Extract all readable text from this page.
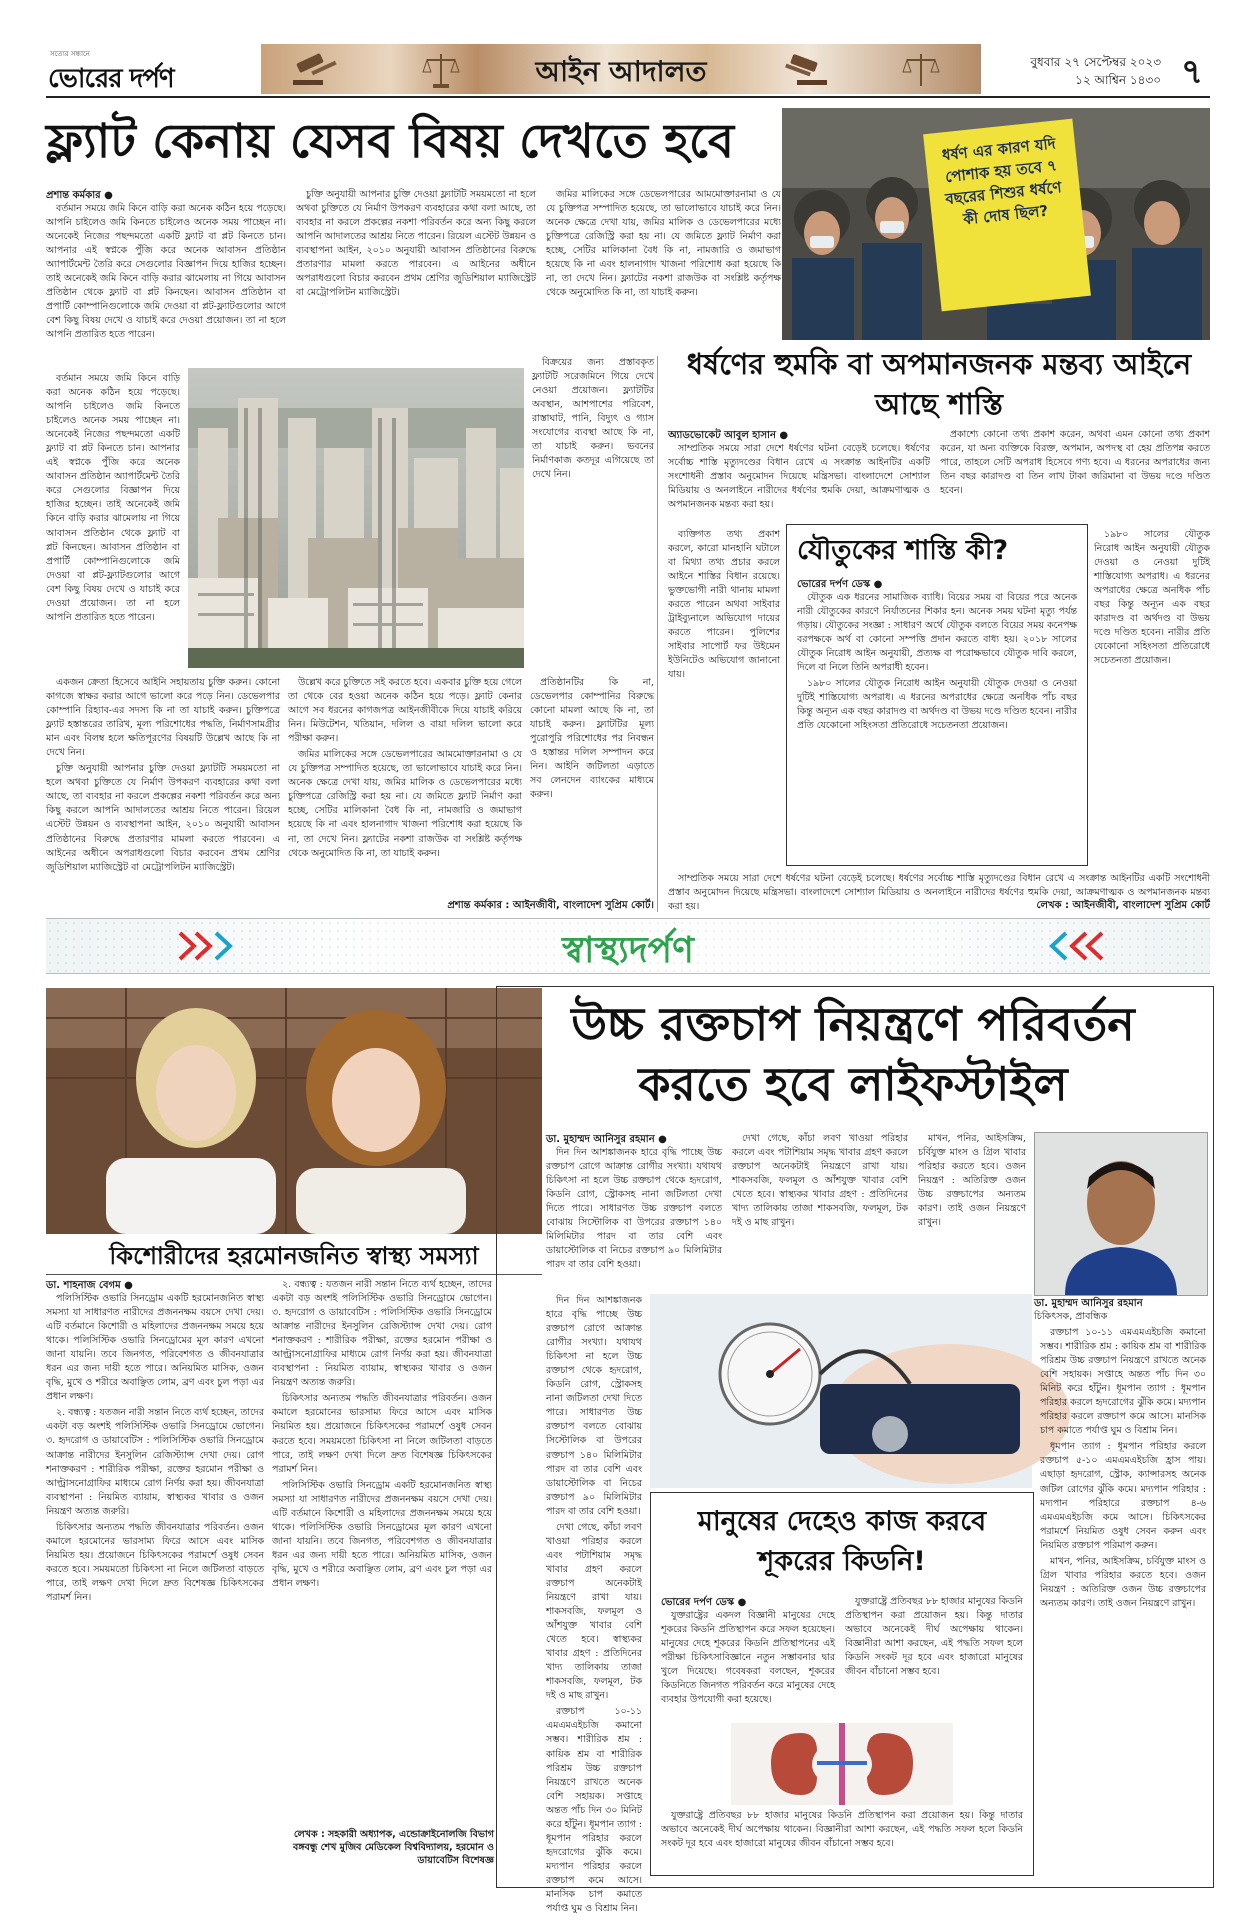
সত্যের সন্ধানে
ভোরের দর্পণ	আইন আদালত	বুধবার ২৭ সেপ্টেম্বর ২০২৩
১২ আশ্বিন ১৪৩০ ৭
ফ্ল্যাট কেনায় যেসব বিষয় দেখতে হবে
প্রশান্ত কর্মকার ●

বর্তমান সময়ে জমি কিনে বাড়ি করা অনেক কঠিন হয়ে পড়েছে। আপনি চাইলেও জমি কিনতে চাইলেও অনেক সময় পাচ্ছেন না। অনেকেই নিজের পছন্দমতো একটি ফ্ল্যাট বা প্লট কিনতে চান। আপনার এই স্বপ্নকে পুঁজি করে অনেক আবাসন প্রতিষ্ঠান অ্যাপার্টমেন্ট তৈরি করে সেগুলোর বিজ্ঞাপন দিয়ে হাজির হচ্ছেন। তাই অনেকেই জমি কিনে বাড়ি করার ঝামেলায় না গিয়ে আবাসন প্রতিষ্ঠান থেকে ফ্ল্যাট বা প্লট কিনছেন। আবাসন প্রতিষ্ঠান বা প্রপার্টি কোম্পানিগুলোকে জমি দেওয়া বা প্লট-ফ্ল্যাটগুলোর আগে বেশ কিছু বিষয় দেখে ও যাচাই করে দেওয়া প্রয়োজন। তা না হলে আপনি প্রতারিত হতে পারেন।

চুক্তি অনুযায়ী আপনার চুক্তি দেওয়া ফ্ল্যাটটি সময়মতো না হলে অথবা চুক্তিতে যে নির্মাণ উপকরণ ব্যবহারের কথা বলা আছে, তা ব্যবহার না করলে প্রকল্পের নকশা পরিবর্তন করে অন্য কিছু করলে আপনি আদালতের আশ্রয় নিতে পারেন। রিয়েল এস্টেট উন্নয়ন ও ব্যবস্থাপনা আইন, ২০১০ অনুযায়ী আবাসন প্রতিষ্ঠানের বিরুদ্ধে প্রতারণার মামলা করতে পারবেন। এ আইনের অধীনে অপরাধগুলো বিচার করবেন প্রথম শ্রেণির জুডিশিয়াল ম্যাজিস্ট্রেট বা মেট্রোপলিটন ম্যাজিস্ট্রেট।

জমির মালিকের সঙ্গে ডেভেলপারের আমমোক্তারনামা ও যে যে চুক্তিপত্র সম্পাদিত হয়েছে, তা ভালোভাবে যাচাই করে নিন। অনেক ক্ষেত্রে দেখা যায়, জমির মালিক ও ডেভেলপারের মধ্যে চুক্তিপত্রে রেজিস্ট্রি করা হয় না। যে জমিতে ফ্ল্যাট নির্মাণ করা হচ্ছে, সেটির মালিকানা বৈধ কি না, নামজারি ও জমাভাগ হয়েছে কি না এবং হালনাগাদ খাজনা পরিশোধ করা হয়েছে কি না, তা দেখে নিন। ফ্ল্যাটের নকশা রাজউক বা সংশ্লিষ্ট কর্তৃপক্ষ থেকে অনুমোদিত কি না, তা যাচাই করুন।

বর্তমান সময়ে জমি কিনে বাড়ি করা অনেক কঠিন হয়ে পড়েছে। আপনি চাইলেও জমি কিনতে চাইলেও অনেক সময় পাচ্ছেন না। অনেকেই নিজের পছন্দমতো একটি ফ্ল্যাট বা প্লট কিনতে চান। আপনার এই স্বপ্নকে পুঁজি করে অনেক আবাসন প্রতিষ্ঠান অ্যাপার্টমেন্ট তৈরি করে সেগুলোর বিজ্ঞাপন দিয়ে হাজির হচ্ছেন। তাই অনেকেই জমি কিনে বাড়ি করার ঝামেলায় না গিয়ে আবাসন প্রতিষ্ঠান থেকে ফ্ল্যাট বা প্লট কিনছেন। আবাসন প্রতিষ্ঠান বা প্রপার্টি কোম্পানিগুলোকে জমি দেওয়া বা প্লট-ফ্ল্যাটগুলোর আগে বেশ কিছু বিষয় দেখে ও যাচাই করে দেওয়া প্রয়োজন। তা না হলে আপনি প্রতারিত হতে পারেন।

বিক্রয়ের জন্য প্রস্তাবকৃত ফ্ল্যাটটি সরেজমিনে গিয়ে দেখে নেওয়া প্রয়োজন। ফ্ল্যাটটির অবস্থান, আশপাশের পরিবেশ, রাস্তাঘাট, পানি, বিদ্যুৎ ও গ্যাস সংযোগের ব্যবস্থা আছে কি না, তা যাচাই করুন। ভবনের নির্মাণকাজ কতদূর এগিয়েছে তা দেখে নিন।

একজন ক্রেতা হিসেবে আইনি সহায়তায় চুক্তি করুন। কোনো কাগজে স্বাক্ষর করার আগে ভালো করে পড়ে নিন। ডেভেলপার কোম্পানি রিহ্যাব-এর সদস্য কি না তা যাচাই করুন। চুক্তিপত্রে ফ্ল্যাট হস্তান্তরের তারিখ, মূল্য পরিশোধের পদ্ধতি, নির্মাণসামগ্রীর মান এবং বিলম্ব হলে ক্ষতিপূরণের বিষয়টি উল্লেখ আছে কি না দেখে নিন।

চুক্তি অনুযায়ী আপনার চুক্তি দেওয়া ফ্ল্যাটটি সময়মতো না হলে অথবা চুক্তিতে যে নির্মাণ উপকরণ ব্যবহারের কথা বলা আছে, তা ব্যবহার না করলে প্রকল্পের নকশা পরিবর্তন করে অন্য কিছু করলে আপনি আদালতের আশ্রয় নিতে পারেন। রিয়েল এস্টেট উন্নয়ন ও ব্যবস্থাপনা আইন, ২০১০ অনুযায়ী আবাসন প্রতিষ্ঠানের বিরুদ্ধে প্রতারণার মামলা করতে পারবেন। এ আইনের অধীনে অপরাধগুলো বিচার করবেন প্রথম শ্রেণির জুডিশিয়াল ম্যাজিস্ট্রেট বা মেট্রোপলিটন ম্যাজিস্ট্রেট।

উল্লেখ করে চুক্তিতে সই করতে হবে। একবার চুক্তি হয়ে গেলে তা থেকে বের হওয়া অনেক কঠিন হয়ে পড়ে। ফ্ল্যাট কেনার আগে সব ধরনের কাগজপত্র আইনজীবীকে দিয়ে যাচাই করিয়ে নিন। মিউটেশন, খতিয়ান, দলিল ও বায়া দলিল ভালো করে পরীক্ষা করুন।

জমির মালিকের সঙ্গে ডেভেলপারের আমমোক্তারনামা ও যে যে চুক্তিপত্র সম্পাদিত হয়েছে, তা ভালোভাবে যাচাই করে নিন। অনেক ক্ষেত্রে দেখা যায়, জমির মালিক ও ডেভেলপারের মধ্যে চুক্তিপত্রে রেজিস্ট্রি করা হয় না। যে জমিতে ফ্ল্যাট নির্মাণ করা হচ্ছে, সেটির মালিকানা বৈধ কি না, নামজারি ও জমাভাগ হয়েছে কি না এবং হালনাগাদ খাজনা পরিশোধ করা হয়েছে কি না, তা দেখে নিন। ফ্ল্যাটের নকশা রাজউক বা সংশ্লিষ্ট কর্তৃপক্ষ থেকে অনুমোদিত কি না, তা যাচাই করুন।

প্রতিষ্ঠানটির কি না, ডেভেলপার কোম্পানির বিরুদ্ধে কোনো মামলা আছে কি না, তা যাচাই করুন। ফ্ল্যাটটির মূল্য পুরোপুরি পরিশোধের পর নিবন্ধন ও হস্তান্তর দলিল সম্পাদন করে নিন। আইনি জটিলতা এড়াতে সব লেনদেন ব্যাংকের মাধ্যমে করুন।

প্রশান্ত কর্মকার : আইনজীবী, বাংলাদেশ সুপ্রিম কোর্ট।
ধর্ষণ এর কারণ যদি পোশাক হয় তবে ৭ বছরের শিশুর ধর্ষণে কী দোষ ছিল?
ধর্ষণের হুমকি বা অপমানজনক মন্তব্য আইনে আছে শাস্তি
অ্যাডভোকেট আবুল হাসান ●

সাম্প্রতিক সময়ে সারা দেশে ধর্ষণের ঘটনা বেড়েই চলেছে। ধর্ষণের সর্বোচ্চ শাস্তি মৃত্যুদণ্ডের বিধান রেখে এ সংক্রান্ত আইনটির একটি সংশোধনী প্রস্তাব অনুমোদন দিয়েছে মন্ত্রিসভা। বাংলাদেশে সোশ্যাল মিডিয়ায় ও অনলাইনে নারীদের ধর্ষণের হুমকি দেয়া, আক্রমণাত্মক ও অপমানজনক মন্তব্য করা হয়।

প্রকাশ্যে কোনো তথ্য প্রকাশ করেন, অথবা এমন কোনো তথ্য প্রকাশ করেন, যা অন্য ব্যক্তিকে বিরক্ত, অপমান, অপদস্থ বা হেয় প্রতিপন্ন করতে পারে, তাহলে সেটি অপরাধ হিসেবে গণ্য হবে। এ ধরনের অপরাধের জন্য তিন বছর কারাদণ্ড বা তিন লাখ টাকা জরিমানা বা উভয় দণ্ডে দণ্ডিত হবেন।

ব্যক্তিগত তথ্য প্রকাশ করলে, কারো মানহানি ঘটালে বা মিথ্যা তথ্য প্রচার করলে আইনে শাস্তির বিধান রয়েছে। ভুক্তভোগী নারী থানায় মামলা করতে পারেন অথবা সাইবার ট্রাইব্যুনালে অভিযোগ দায়ের করতে পারেন। পুলিশের সাইবার সাপোর্ট ফর উইমেন ইউনিটেও অভিযোগ জানানো যায়।

১৯৮০ সালের যৌতুক নিরোধ আইন অনুযায়ী যৌতুক দেওয়া ও নেওয়া দুটিই শাস্তিযোগ্য অপরাধ। এ ধরনের অপরাধের ক্ষেত্রে অনধিক পাঁচ বছর কিন্তু অন্যূন এক বছর কারাদণ্ড বা অর্থদণ্ড বা উভয় দণ্ডে দণ্ডিত হবেন। নারীর প্রতি যেকোনো সহিংসতা প্রতিরোধে সচেতনতা প্রয়োজন।

যৌতুকের শাস্তি কী?
ভোরের দর্পণ ডেস্ক ●

যৌতুক এক ধরনের সামাজিক ব্যাধি। বিয়ের সময় বা বিয়ের পরে অনেক নারী যৌতুকের কারণে নির্যাতনের শিকার হন। অনেক সময় ঘটনা মৃত্যু পর্যন্ত গড়ায়। যৌতুকের সংজ্ঞা : সাধারণ অর্থে যৌতুক বলতে বিয়ের সময় কনেপক্ষ বরপক্ষকে অর্থ বা কোনো সম্পত্তি প্রদান করতে বাধ্য হয়। ২০১৮ সালের যৌতুক নিরোধ আইন অনুযায়ী, প্রত্যক্ষ বা পরোক্ষভাবে যৌতুক দাবি করলে, দিলে বা নিলে তিনি অপরাধী হবেন।

১৯৮০ সালের যৌতুক নিরোধ আইন অনুযায়ী যৌতুক দেওয়া ও নেওয়া দুটিই শাস্তিযোগ্য অপরাধ। এ ধরনের অপরাধের ক্ষেত্রে অনধিক পাঁচ বছর কিন্তু অন্যূন এক বছর কারাদণ্ড বা অর্থদণ্ড বা উভয় দণ্ডে দণ্ডিত হবেন। নারীর প্রতি যেকোনো সহিংসতা প্রতিরোধে সচেতনতা প্রয়োজন।

সাম্প্রতিক সময়ে সারা দেশে ধর্ষণের ঘটনা বেড়েই চলেছে। ধর্ষণের সর্বোচ্চ শাস্তি মৃত্যুদণ্ডের বিধান রেখে এ সংক্রান্ত আইনটির একটি সংশোধনী প্রস্তাব অনুমোদন দিয়েছে মন্ত্রিসভা। বাংলাদেশে সোশ্যাল মিডিয়ায় ও অনলাইনে নারীদের ধর্ষণের হুমকি দেয়া, আক্রমণাত্মক ও অপমানজনক মন্তব্য করা হয়।	লেখক : আইনজীবী, বাংলাদেশ সুপ্রিম কোর্ট
স্বাস্থ্যদর্পণ
কিশোরীদের হরমোনজনিত স্বাস্থ্য সমস্যা
ডা. শাহনাজ বেগম ●

পলিসিস্টিক ওভারি সিনড্রোম একটি হরমোনজনিত স্বাস্থ্য সমস্যা যা সাধারণত নারীদের প্রজননক্ষম বয়সে দেখা দেয়। এটি বর্তমানে কিশোরী ও মহিলাদের প্রজননক্ষম সময়ে হয়ে থাকে। পলিসিস্টিক ওভারি সিনড্রোমের মূল কারণ এখনো জানা যায়নি। তবে জিনগত, পরিবেশগত ও জীবনযাত্রার ধরন এর জন্য দায়ী হতে পারে। অনিয়মিত মাসিক, ওজন বৃদ্ধি, মুখে ও শরীরে অবাঞ্ছিত লোম, ব্রণ এবং চুল পড়া এর প্রধান লক্ষণ।

২. বন্ধ্যত্ব : যতজন নারী সন্তান নিতে ব্যর্থ হচ্ছেন, তাদের একটা বড় অংশই পলিসিস্টিক ওভারি সিনড্রোমে ভোগেন। ৩. হৃদরোগ ও ডায়াবেটিস : পলিসিস্টিক ওভারি সিনড্রোমে আক্রান্ত নারীদের ইনসুলিন রেজিস্ট্যান্স দেখা দেয়। রোগ শনাক্তকরণ : শারীরিক পরীক্ষা, রক্তের হরমোন পরীক্ষা ও আল্ট্রাসনোগ্রাফির মাধ্যমে রোগ নির্ণয় করা হয়। জীবনযাত্রা ব্যবস্থাপনা : নিয়মিত ব্যায়াম, স্বাস্থ্যকর খাবার ও ওজন নিয়ন্ত্রণ অত্যন্ত জরুরি।

চিকিৎসার অন্যতম পদ্ধতি জীবনযাত্রার পরিবর্তন। ওজন কমালে হরমোনের ভারসাম্য ফিরে আসে এবং মাসিক নিয়মিত হয়। প্রয়োজনে চিকিৎসকের পরামর্শে ওষুধ সেবন করতে হবে। সময়মতো চিকিৎসা না নিলে জটিলতা বাড়তে পারে, তাই লক্ষণ দেখা দিলে দ্রুত বিশেষজ্ঞ চিকিৎসকের পরামর্শ নিন।

২. বন্ধ্যত্ব : যতজন নারী সন্তান নিতে ব্যর্থ হচ্ছেন, তাদের একটা বড় অংশই পলিসিস্টিক ওভারি সিনড্রোমে ভোগেন। ৩. হৃদরোগ ও ডায়াবেটিস : পলিসিস্টিক ওভারি সিনড্রোমে আক্রান্ত নারীদের ইনসুলিন রেজিস্ট্যান্স দেখা দেয়। রোগ শনাক্তকরণ : শারীরিক পরীক্ষা, রক্তের হরমোন পরীক্ষা ও আল্ট্রাসনোগ্রাফির মাধ্যমে রোগ নির্ণয় করা হয়। জীবনযাত্রা ব্যবস্থাপনা : নিয়মিত ব্যায়াম, স্বাস্থ্যকর খাবার ও ওজন নিয়ন্ত্রণ অত্যন্ত জরুরি।

চিকিৎসার অন্যতম পদ্ধতি জীবনযাত্রার পরিবর্তন। ওজন কমালে হরমোনের ভারসাম্য ফিরে আসে এবং মাসিক নিয়মিত হয়। প্রয়োজনে চিকিৎসকের পরামর্শে ওষুধ সেবন করতে হবে। সময়মতো চিকিৎসা না নিলে জটিলতা বাড়তে পারে, তাই লক্ষণ দেখা দিলে দ্রুত বিশেষজ্ঞ চিকিৎসকের পরামর্শ নিন।

পলিসিস্টিক ওভারি সিনড্রোম একটি হরমোনজনিত স্বাস্থ্য সমস্যা যা সাধারণত নারীদের প্রজননক্ষম বয়সে দেখা দেয়। এটি বর্তমানে কিশোরী ও মহিলাদের প্রজননক্ষম সময়ে হয়ে থাকে। পলিসিস্টিক ওভারি সিনড্রোমের মূল কারণ এখনো জানা যায়নি। তবে জিনগত, পরিবেশগত ও জীবনযাত্রার ধরন এর জন্য দায়ী হতে পারে। অনিয়মিত মাসিক, ওজন বৃদ্ধি, মুখে ও শরীরে অবাঞ্ছিত লোম, ব্রণ এবং চুল পড়া এর প্রধান লক্ষণ।

লেখক : সহকারী অধ্যাপক, এন্ডোক্রাইনোলজি বিভাগ বঙ্গবন্ধু শেখ মুজিব মেডিকেল বিশ্ববিদ্যালয়, হরমোন ও ডায়াবেটিস বিশেষজ্ঞ
উচ্চ রক্তচাপ নিয়ন্ত্রণে পরিবর্তন
করতে হবে লাইফস্টাইল
ডা. মুহাম্মদ আনিসুর রহমান ●

দিন দিন আশঙ্কাজনক হারে বৃদ্ধি পাচ্ছে উচ্চ রক্তচাপ রোগে আক্রান্ত রোগীর সংখ্যা। যথাযথ চিকিৎসা না হলে উচ্চ রক্তচাপ থেকে হৃদরোগ, কিডনি রোগ, স্ট্রোকসহ নানা জটিলতা দেখা দিতে পারে। সাধারণত উচ্চ রক্তচাপ বলতে বোঝায় সিস্টোলিক বা উপরের রক্তচাপ ১৪০ মিলিমিটার পারদ বা তার বেশি এবং ডায়াস্টোলিক বা নিচের রক্তচাপ ৯০ মিলিমিটার পারদ বা তার বেশি হওয়া।

দেখা গেছে, কাঁচা লবণ খাওয়া পরিহার করলে এবং পটাশিয়াম সমৃদ্ধ খাবার গ্রহণ করলে রক্তচাপ অনেকটাই নিয়ন্ত্রণে রাখা যায়। শাকসবজি, ফলমূল ও আঁশযুক্ত খাবার বেশি খেতে হবে। স্বাস্থ্যকর খাবার গ্রহণ : প্রতিদিনের খাদ্য তালিকায় তাজা শাকসবজি, ফলমূল, টক দই ও মাছ রাখুন।

মাখন, পনির, আইসক্রিম, চর্বিযুক্ত মাংস ও গ্রিল খাবার পরিহার করতে হবে। ওজন নিয়ন্ত্রণ : অতিরিক্ত ওজন উচ্চ রক্তচাপের অন্যতম কারণ। তাই ওজন নিয়ন্ত্রণে রাখুন।

ডা. মুহাম্মদ আনিসুর রহমান
চিকিৎসক, প্রাবন্ধিক

দিন দিন আশঙ্কাজনক হারে বৃদ্ধি পাচ্ছে উচ্চ রক্তচাপ রোগে আক্রান্ত রোগীর সংখ্যা। যথাযথ চিকিৎসা না হলে উচ্চ রক্তচাপ থেকে হৃদরোগ, কিডনি রোগ, স্ট্রোকসহ নানা জটিলতা দেখা দিতে পারে। সাধারণত উচ্চ রক্তচাপ বলতে বোঝায় সিস্টোলিক বা উপরের রক্তচাপ ১৪০ মিলিমিটার পারদ বা তার বেশি এবং ডায়াস্টোলিক বা নিচের রক্তচাপ ৯০ মিলিমিটার পারদ বা তার বেশি হওয়া।

দেখা গেছে, কাঁচা লবণ খাওয়া পরিহার করলে এবং পটাশিয়াম সমৃদ্ধ খাবার গ্রহণ করলে রক্তচাপ অনেকটাই নিয়ন্ত্রণে রাখা যায়। শাকসবজি, ফলমূল ও আঁশযুক্ত খাবার বেশি খেতে হবে। স্বাস্থ্যকর খাবার গ্রহণ : প্রতিদিনের খাদ্য তালিকায় তাজা শাকসবজি, ফলমূল, টক দই ও মাছ রাখুন।

রক্তচাপ ১০-১১ এমএমএইচজি কমানো সম্ভব। শারীরিক শ্রম : কায়িক শ্রম বা শারীরিক পরিশ্রম উচ্চ রক্তচাপ নিয়ন্ত্রণে রাখতে অনেক বেশি সহায়ক। সপ্তাহে অন্তত পাঁচ দিন ৩০ মিনিট করে হাঁটুন। ধূমপান ত্যাগ : ধূমপান পরিহার করলে হৃদরোগের ঝুঁকি কমে। মদ্যপান পরিহার করলে রক্তচাপ কমে আসে। মানসিক চাপ কমাতে পর্যাপ্ত ঘুম ও বিশ্রাম নিন।

রক্তচাপ ১০-১১ এমএমএইচজি কমানো সম্ভব। শারীরিক শ্রম : কায়িক শ্রম বা শারীরিক পরিশ্রম উচ্চ রক্তচাপ নিয়ন্ত্রণে রাখতে অনেক বেশি সহায়ক। সপ্তাহে অন্তত পাঁচ দিন ৩০ মিনিট করে হাঁটুন। ধূমপান ত্যাগ : ধূমপান পরিহার করলে হৃদরোগের ঝুঁকি কমে। মদ্যপান পরিহার করলে রক্তচাপ কমে আসে। মানসিক চাপ কমাতে পর্যাপ্ত ঘুম ও বিশ্রাম নিন।

ধূমপান ত্যাগ : ধূমপান পরিহার করলে রক্তচাপ ৫-১০ এমএমএইচজি হ্রাস পায়। এছাড়া হৃদরোগ, স্ট্রোক, ক্যান্সারসহ অনেক জটিল রোগের ঝুঁকি কমে। মদ্যপান পরিহার : মদ্যপান পরিহারে রক্তচাপ ৪-৬ এমএমএইচজি কমে আসে। চিকিৎসকের পরামর্শে নিয়মিত ওষুধ সেবন করুন এবং নিয়মিত রক্তচাপ পরিমাপ করুন।

মাখন, পনির, আইসক্রিম, চর্বিযুক্ত মাংস ও গ্রিল খাবার পরিহার করতে হবে। ওজন নিয়ন্ত্রণ : অতিরিক্ত ওজন উচ্চ রক্তচাপের অন্যতম কারণ। তাই ওজন নিয়ন্ত্রণে রাখুন।

মানুষের দেহেও কাজ করবে
শূকরের কিডনি!
ভোরের দর্পণ ডেস্ক ●

যুক্তরাষ্ট্রের একদল বিজ্ঞানী মানুষের দেহে শূকরের কিডনি প্রতিস্থাপন করে সফল হয়েছেন। মানুষের দেহে শূকরের কিডনি প্রতিস্থাপনের এই পরীক্ষা চিকিৎসাবিজ্ঞানে নতুন সম্ভাবনার দ্বার খুলে দিয়েছে। গবেষকরা বলছেন, শূকরের কিডনিতে জিনগত পরিবর্তন করে মানুষের দেহে ব্যবহার উপযোগী করা হয়েছে।

যুক্তরাষ্ট্রে প্রতিবছর ৮৮ হাজার মানুষের কিডনি প্রতিস্থাপন করা প্রয়োজন হয়। কিন্তু দাতার অভাবে অনেকেই দীর্ঘ অপেক্ষায় থাকেন। বিজ্ঞানীরা আশা করছেন, এই পদ্ধতি সফল হলে কিডনি সংকট দূর হবে এবং হাজারো মানুষের জীবন বাঁচানো সম্ভব হবে।

যুক্তরাষ্ট্রে প্রতিবছর ৮৮ হাজার মানুষের কিডনি প্রতিস্থাপন করা প্রয়োজন হয়। কিন্তু দাতার অভাবে অনেকেই দীর্ঘ অপেক্ষায় থাকেন। বিজ্ঞানীরা আশা করছেন, এই পদ্ধতি সফল হলে কিডনি সংকট দূর হবে এবং হাজারো মানুষের জীবন বাঁচানো সম্ভব হবে।
